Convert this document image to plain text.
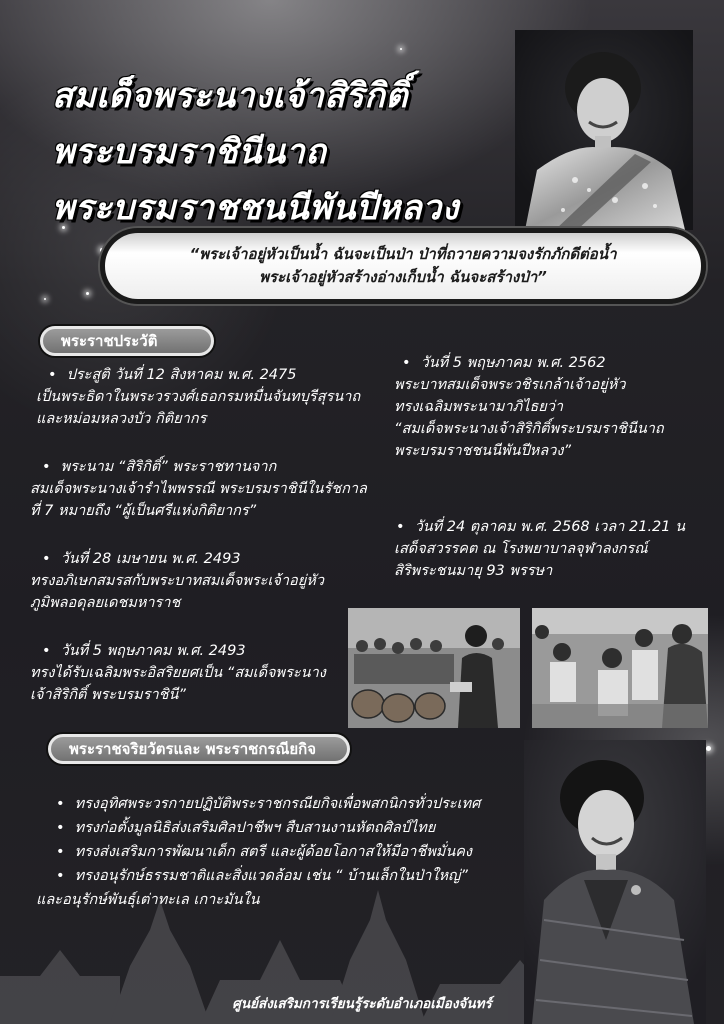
สมเด็จพระนางเจ้าสิริกิติ์
พระบรมราชินีนาถ
พระบรมราชชนนีพันปีหลวง
“พระเจ้าอยู่หัวเป็นน้ำ ฉันจะเป็นป่า ป่าที่ถวายความจงรักภักดีต่อน้ำ
พระเจ้าอยู่หัวสร้างอ่างเก็บน้ำ ฉันจะสร้างป่า”
พระราชประวัติ
• ประสูติ วันที่ 12 สิงหาคม พ.ศ. 2475
เป็นพระธิดาในพระวรวงศ์เธอกรมหมื่นจันทบุรีสุรนาถ
และหม่อมหลวงบัว กิติยากร
• พระนาม “สิริกิติ์” พระราชทานจาก
สมเด็จพระนางเจ้ารำไพพรรณี พระบรมราชินีในรัชกาล
ที่ 7 หมายถึง “ผู้เป็นศรีแห่งกิติยากร”
• วันที่ 28 เมษายน พ.ศ. 2493
ทรงอภิเษกสมรสกับพระบาทสมเด็จพระเจ้าอยู่หัว
ภูมิพลอดุลยเดชมหาราช
• วันที่ 5 พฤษภาคม พ.ศ. 2493
ทรงได้รับเฉลิมพระอิสริยยศเป็น “สมเด็จพระนาง
เจ้าสิริกิติ์ พระบรมราชินี”
• วันที่ 5 พฤษภาคม พ.ศ. 2562
พระบาทสมเด็จพระวชิรเกล้าเจ้าอยู่หัว
ทรงเฉลิมพระนามาภิไธยว่า
“สมเด็จพระนางเจ้าสิริกิติ์พระบรมราชินีนาถ
พระบรมราชชนนีพันปีหลวง”
• วันที่ 24 ตุลาคม พ.ศ. 2568 เวลา 21.21 น
เสด็จสวรรคต ณ โรงพยาบาลจุฬาลงกรณ์
สิริพระชนมายุ 93 พรรษา
พระราชจริยวัตรและ พระราชกรณียกิจ
• ทรงอุทิศพระวรกายปฏิบัติพระราชกรณียกิจเพื่อพสกนิกรทั่วประเทศ
• ทรงก่อตั้งมูลนิธิส่งเสริมศิลปาชีพฯ สืบสานงานหัตถศิลป์ไทย
• ทรงส่งเสริมการพัฒนาเด็ก สตรี และผู้ด้อยโอกาสให้มีอาชีพมั่นคง
• ทรงอนุรักษ์ธรรมชาติและสิ่งแวดล้อม เช่น “ บ้านเล็กในป่าใหญ่”
และอนุรักษ์พันธุ์เต่าทะเล เกาะมันใน
ศูนย์ส่งเสริมการเรียนรู้ระดับอำเภอเมืองจันทร์
